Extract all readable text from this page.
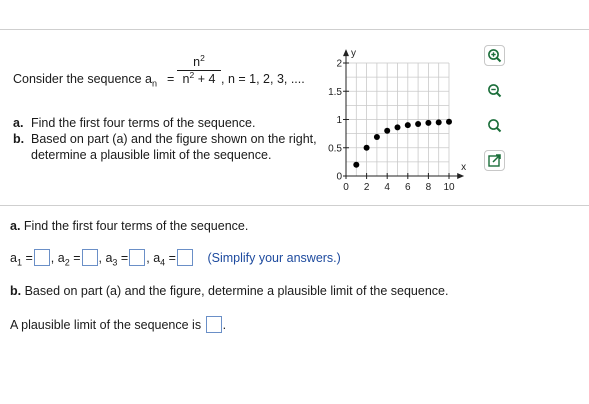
Consider the sequence $a_n$ =
$n^2$
$n^2 + 4$ , n = 1, 2, 3, ....
a. Find the first four terms of the sequence.
b. Based on part (a) and the figure shown on the right, determine a plausible limit of the sequence.
0 2 4 6 8 10
0
0.5
1
1.5
2
x
y
a. Find the first four terms of the sequence.
$a_1$ = , $a_2$ = , $a_3$ = , $a_4$ =	(Simplify your answers.)
b. Based on part (a) and the figure, determine a plausible limit of the sequence.
A plausible limit of the sequence is .
